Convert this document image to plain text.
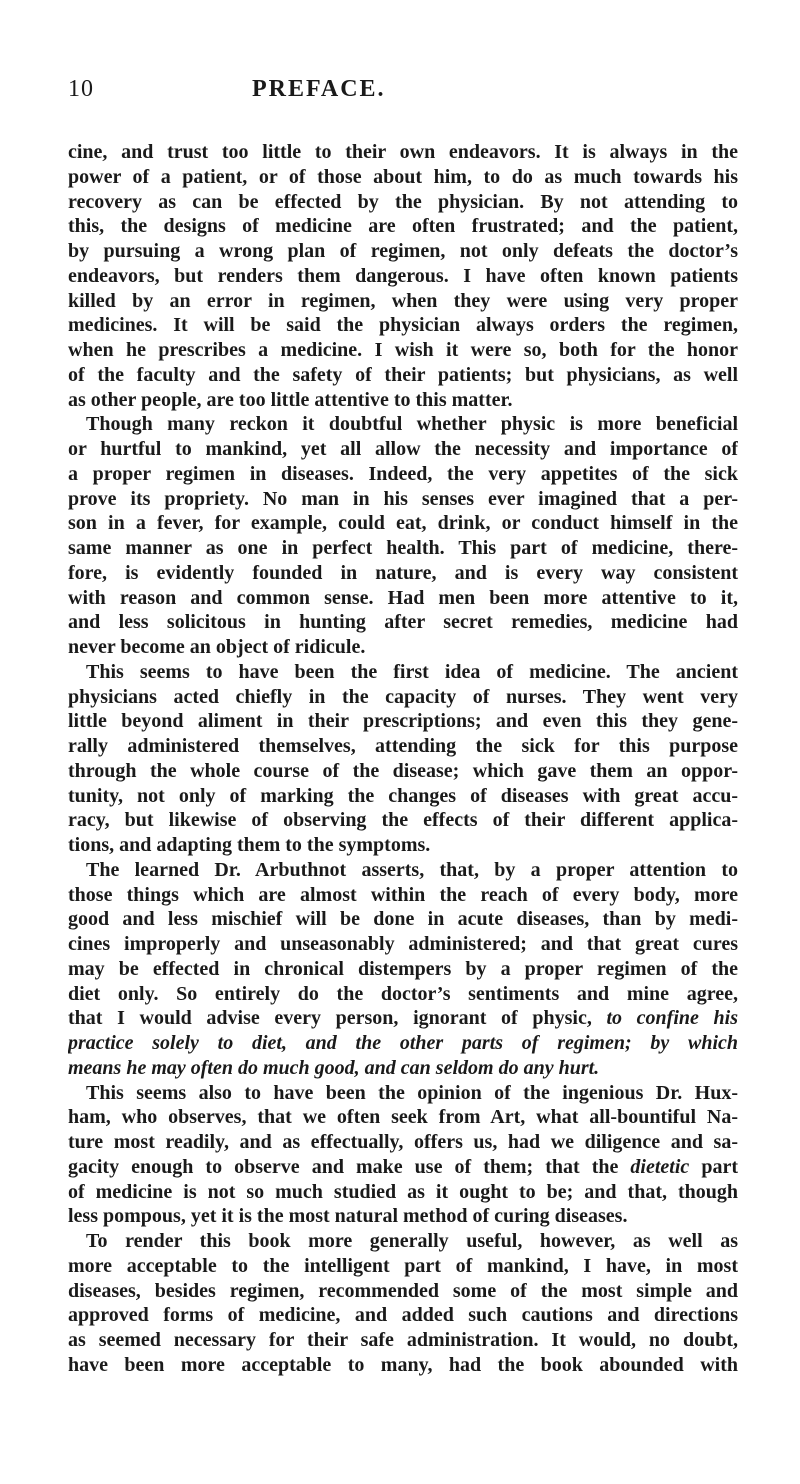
10	PREFACE.
cine, and trust too little to their own endeavors. It is always in the
power of a patient, or of those about him, to do as much towards his
recovery as can be effected by the physician. By not attending to
this, the designs of medicine are often frustrated; and the patient,
by pursuing a wrong plan of regimen, not only defeats the doctor’s
endeavors, but renders them dangerous. I have often known patients
killed by an error in regimen, when they were using very proper
medicines. It will be said the physician always orders the regimen,
when he prescribes a medicine. I wish it were so, both for the honor
of the faculty and the safety of their patients; but physicians, as well
as other people, are too little attentive to this matter.
Though many reckon it doubtful whether physic is more beneficial
or hurtful to mankind, yet all allow the necessity and importance of
a proper regimen in diseases. Indeed, the very appetites of the sick
prove its propriety. No man in his senses ever imagined that a per-
son in a fever, for example, could eat, drink, or conduct himself in the
same manner as one in perfect health. This part of medicine, there-
fore, is evidently founded in nature, and is every way consistent
with reason and common sense. Had men been more attentive to it,
and less solicitous in hunting after secret remedies, medicine had
never become an object of ridicule.
This seems to have been the first idea of medicine. The ancient
physicians acted chiefly in the capacity of nurses. They went very
little beyond aliment in their prescriptions; and even this they gene-
rally administered themselves, attending the sick for this purpose
through the whole course of the disease; which gave them an oppor-
tunity, not only of marking the changes of diseases with great accu-
racy, but likewise of observing the effects of their different applica-
tions, and adapting them to the symptoms.
The learned Dr. Arbuthnot asserts, that, by a proper attention to
those things which are almost within the reach of every body, more
good and less mischief will be done in acute diseases, than by medi-
cines improperly and unseasonably administered; and that great cures
may be effected in chronical distempers by a proper regimen of the
diet only. So entirely do the doctor’s sentiments and mine agree,
that I would advise every person, ignorant of physic, to confine his
practice solely to diet, and the other parts of regimen; by which
means he may often do much good, and can seldom do any hurt.
This seems also to have been the opinion of the ingenious Dr. Hux-
ham, who observes, that we often seek from Art, what all-bountiful Na-
ture most readily, and as effectually, offers us, had we diligence and sa-
gacity enough to observe and make use of them; that the dietetic part
of medicine is not so much studied as it ought to be; and that, though
less pompous, yet it is the most natural method of curing diseases.
To render this book more generally useful, however, as well as
more acceptable to the intelligent part of mankind, I have, in most
diseases, besides regimen, recommended some of the most simple and
approved forms of medicine, and added such cautions and directions
as seemed necessary for their safe administration. It would, no doubt,
have been more acceptable to many, had the book abounded with
